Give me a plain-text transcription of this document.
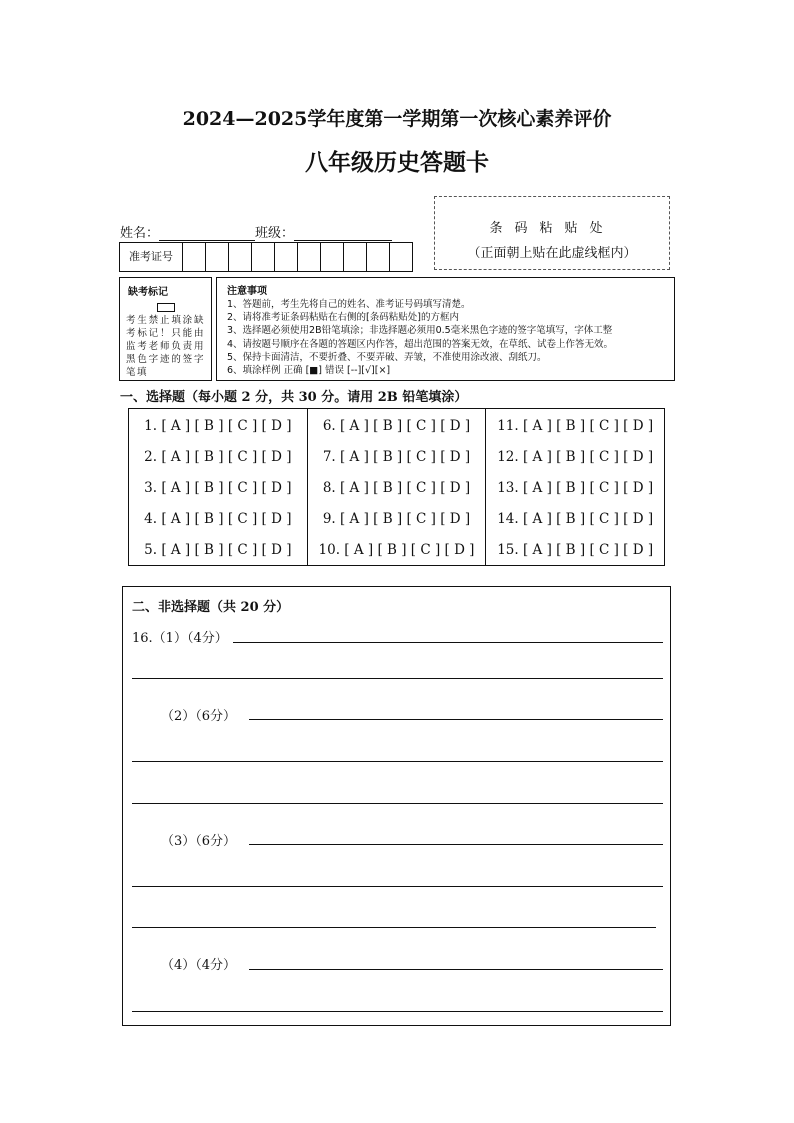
2024—2025学年度第一学期第一次核心素养评价
八年级历史答题卡
姓名：	班级：	条码粘贴处
（正面朝上贴在此虚线框内）
准考证号
缺考标记
考生禁止填涂缺考标记！只能由监考老师负责用黑色字迹的签字笔填
注意事项
1、答题前，考生先将自己的姓名、准考证号码填写清楚。
2、请将准考证条码粘贴在右侧的[条码粘贴处]的方框内
3、选择题必须使用2B铅笔填涂；非选择题必须用0.5毫米黑色字迹的签字笔填写，字体工整
4、请按题号顺序在各题的答题区内作答，超出范围的答案无效，在草纸、试卷上作答无效。
5、保持卡面清洁，不要折叠、不要弄破、弄皱，不准使用涂改液、刮纸刀。
6、填涂样例 正确 [■] 错误 [--][√][×]
一、选择题（每小题 2 分，共 30 分。请用 2B 铅笔填涂）
1. [ A ] [ B ] [ C ] [ D ]
2. [ A ] [ B ] [ C ] [ D ]
3. [ A ] [ B ] [ C ] [ D ]
4. [ A ] [ B ] [ C ] [ D ]
5. [ A ] [ B ] [ C ] [ D ]
6. [ A ] [ B ] [ C ] [ D ]
7. [ A ] [ B ] [ C ] [ D ]
8. [ A ] [ B ] [ C ] [ D ]
9. [ A ] [ B ] [ C ] [ D ]
10. [ A ] [ B ] [ C ] [ D ]
11. [ A ] [ B ] [ C ] [ D ]
12. [ A ] [ B ] [ C ] [ D ]
13. [ A ] [ B ] [ C ] [ D ]
14. [ A ] [ B ] [ C ] [ D ]
15. [ A ] [ B ] [ C ] [ D ]
二、非选择题（共 20 分）
16.（1）（4分）
（2）（6分）
（3）（6分）
（4）（4分）
